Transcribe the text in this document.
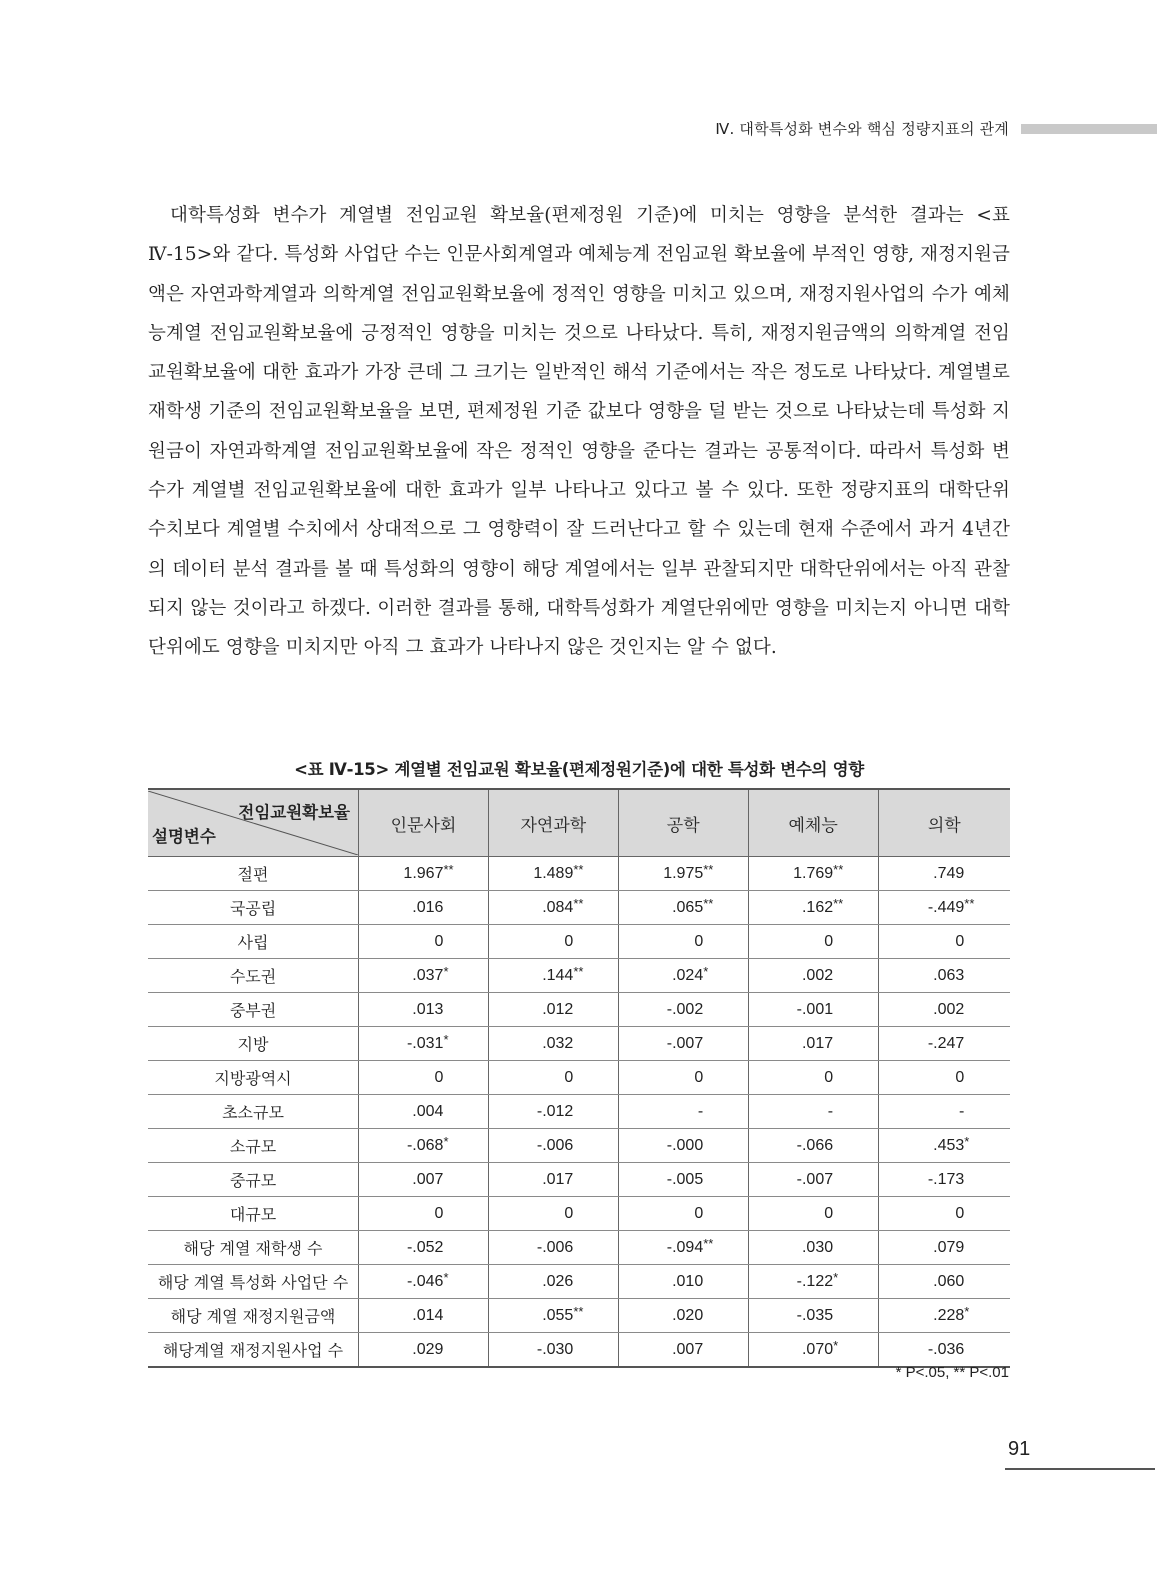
Ⅳ. 대학특성화 변수와 핵심 정량지표의 관계
대학특성화 변수가 계열별 전임교원 확보율(편제정원 기준)에 미치는 영향을 분석한 결과는 <표 Ⅳ-15>와 같다. 특성화 사업단 수는 인문사회계열과 예체능계 전임교원 확보율에 부적인 영향, 재정지원금액은 자연과학계열과 의학계열 전임교원확보율에 정적인 영향을 미치고 있으며, 재정지원사업의 수가 예체능계열 전임교원확보율에 긍정적인 영향을 미치는 것으로 나타났다. 특히, 재정지원금액의 의학계열 전임교원확보율에 대한 효과가 가장 큰데 그 크기는 일반적인 해석 기준에서는 작은 정도로 나타났다. 계열별로 재학생 기준의 전임교원확보율을 보면, 편제정원 기준 값보다 영향을 덜 받는 것으로 나타났는데 특성화 지원금이 자연과학계열 전임교원확보율에 작은 정적인 영향을 준다는 결과는 공통적이다. 따라서 특성화 변수가 계열별 전임교원확보율에 대한 효과가 일부 나타나고 있다고 볼 수 있다. 또한 정량지표의 대학단위 수치보다 계열별 수치에서 상대적으로 그 영향력이 잘 드러난다고 할 수 있는데 현재 수준에서 과거 4년간의 데이터 분석 결과를 볼 때 특성화의 영향이 해당 계열에서는 일부 관찰되지만 대학단위에서는 아직 관찰되지 않는 것이라고 하겠다. 이러한 결과를 통해, 대학특성화가 계열단위에만 영향을 미치는지 아니면 대학단위에도 영향을 미치지만 아직 그 효과가 나타나지 않은 것인지는 알 수 없다.
<표 Ⅳ-15> 계열별 전임교원 확보율(편제정원기준)에 대한 특성화 변수의 영향
전임교원확보율
설명변수	인문사회	자연과학	공학	예체능	의학
절편	1.967 **	1.489 **	1.975 **	1.769 **	.749

국공립	.016	.084 **	.065 **	.162 **	-.449 **

사립	0	0	0	0	0

수도권	.037 *	.144 **	.024 *	.002	.063

중부권	.013	.012	-.002	-.001	.002

지방	-.031 *	.032	-.007	.017	-.247

지방광역시	0	0	0	0	0

초소규모	.004	-.012	-	-	-

소규모	-.068 *	-.006	-.000	-.066	.453 *

중규모	.007	.017	-.005	-.007	-.173

대규모	0	0	0	0	0

해당 계열 재학생 수	-.052	-.006	-.094 **	.030	.079

해당 계열 특성화 사업단 수	-.046 *	.026	.010	-.122 *	.060

해당 계열 재정지원금액	.014	.055 **	.020	-.035	.228 *

해당계열 재정지원사업 수	.029	-.030	.007	.070 *	-.036
* P<.05, ** P<.01
91
